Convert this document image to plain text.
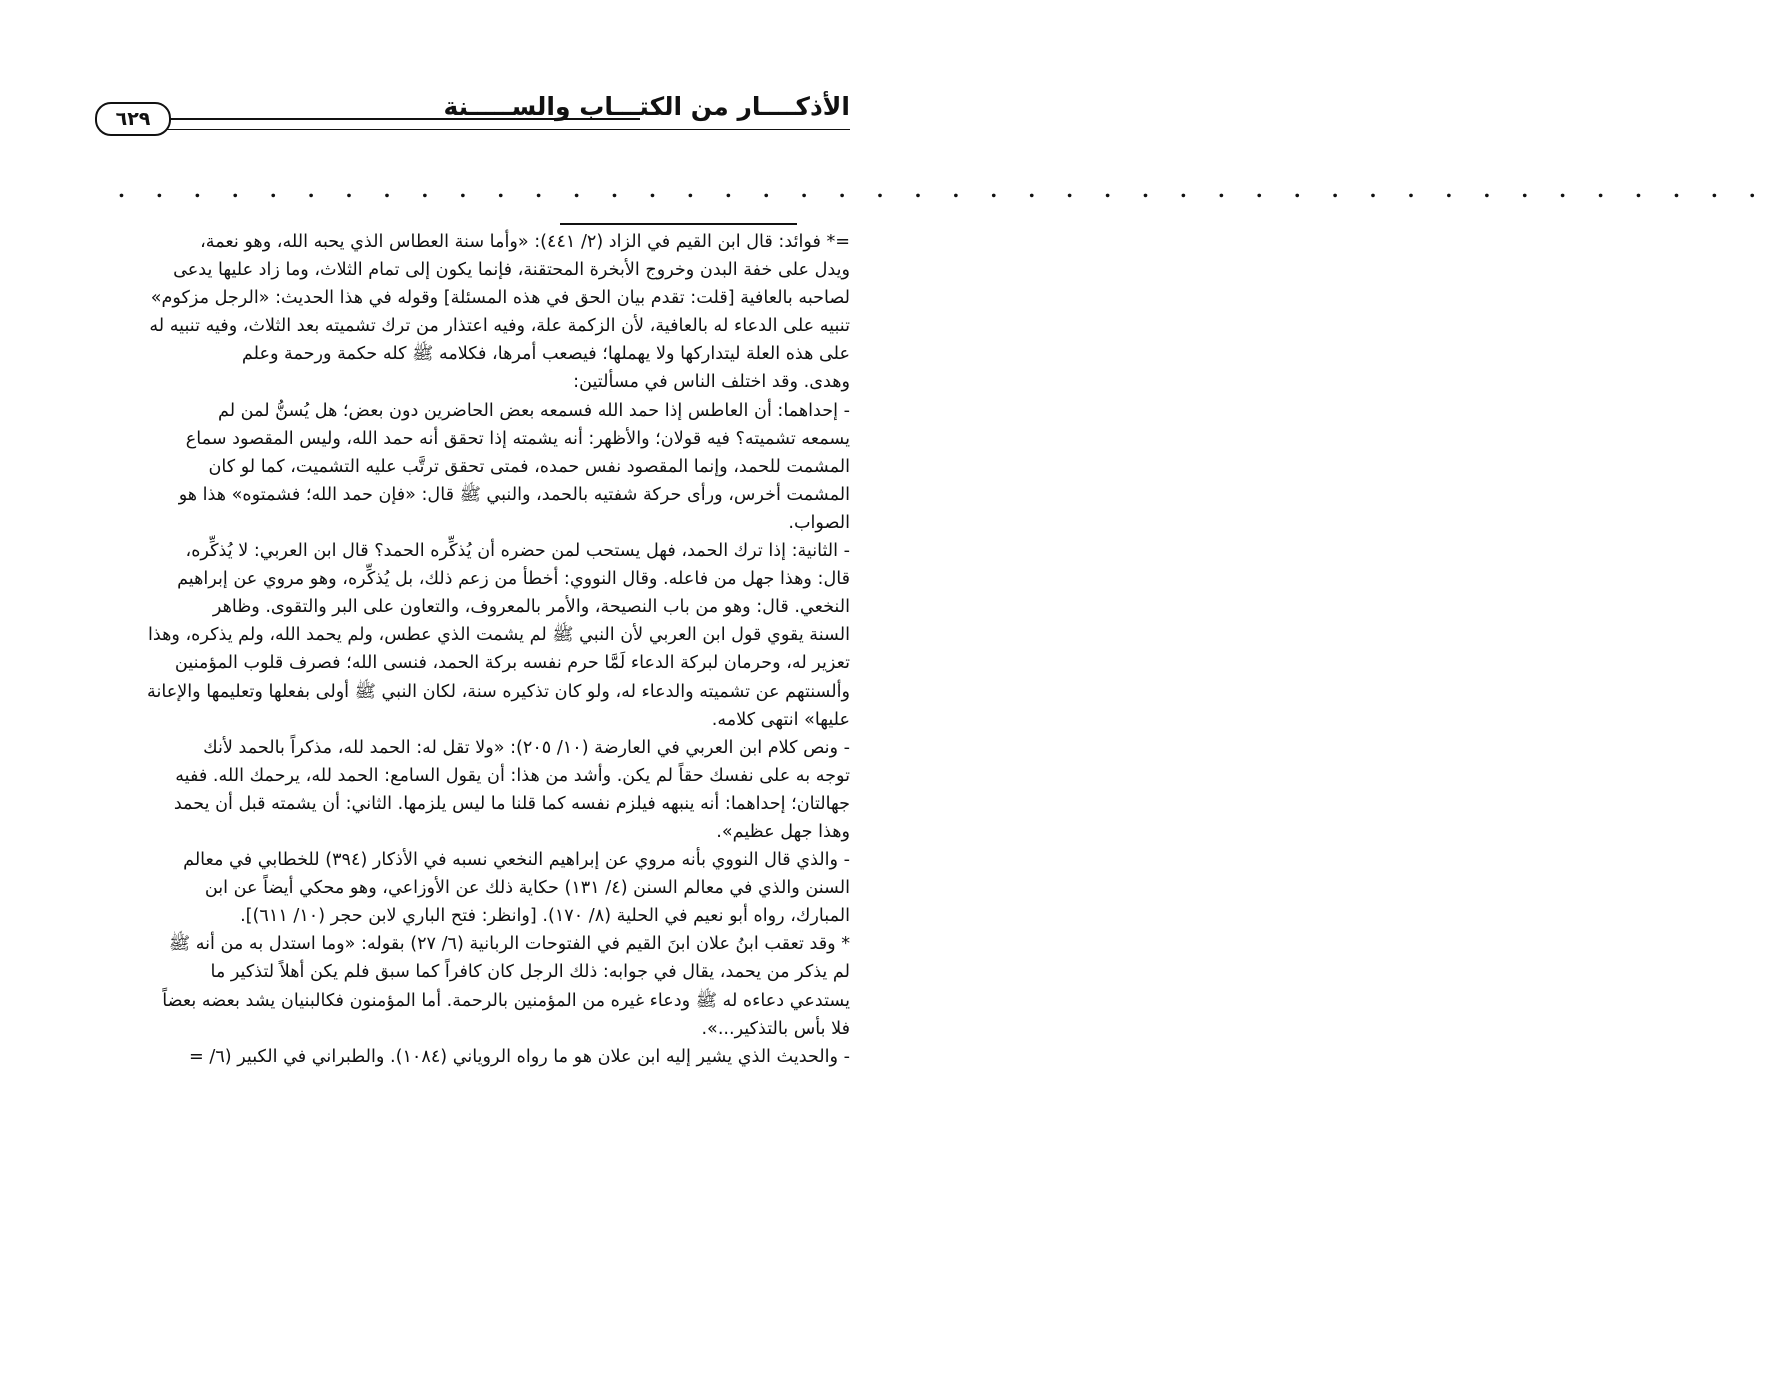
الأذكــــار من الكتـــاب والســـــنة
٦٢٩
. . . . . . . . . . . . . . . . . . . . . . . . . . . . . . . . . . . . . . . . . . . .
=* فوائد: قال ابن القيم في الزاد (٢/ ٤٤١): «وأما سنة العطاس الذي يحبه الله، وهو نعمة،
ويدل على خفة البدن وخروج الأبخرة المحتقنة، فإنما يكون إلى تمام الثلاث، وما زاد عليها يدعى
لصاحبه بالعافية [قلت: تقدم بيان الحق في هذه المسئلة] وقوله في هذا الحديث: «الرجل مزكوم»
تنبيه على الدعاء له بالعافية، لأن الزكمة علة، وفيه اعتذار من ترك تشميته بعد الثلاث، وفيه تنبيه له
على هذه العلة ليتداركها ولا يهملها؛ فيصعب أمرها، فكلامه ﷺ كله حكمة ورحمة وعلم
وهدى. وقد اختلف الناس في مسألتين:
- إحداهما: أن العاطس إذا حمد الله فسمعه بعض الحاضرين دون بعض؛ هل يُسنُّ لمن لم
يسمعه تشميته؟ فيه قولان؛ والأظهر: أنه يشمته إذا تحقق أنه حمد الله، وليس المقصود سماع
المشمت للحمد، وإنما المقصود نفس حمده، فمتى تحقق ترتَّب عليه التشميت، كما لو كان
المشمت أخرس، ورأى حركة شفتيه بالحمد، والنبي ﷺ قال: «فإن حمد الله؛ فشمتوه» هذا هو
الصواب.
- الثانية: إذا ترك الحمد، فهل يستحب لمن حضره أن يُذكِّره الحمد؟ قال ابن العربي: لا يُذكِّره،
قال: وهذا جهل من فاعله. وقال النووي: أخطأ من زعم ذلك، بل يُذكِّره، وهو مروي عن إبراهيم
النخعي. قال: وهو من باب النصيحة، والأمر بالمعروف، والتعاون على البر والتقوى. وظاهر
السنة يقوي قول ابن العربي لأن النبي ﷺ لم يشمت الذي عطس، ولم يحمد الله، ولم يذكره، وهذا
تعزير له، وحرمان لبركة الدعاء لَمَّا حرم نفسه بركة الحمد، فنسى الله؛ فصرف قلوب المؤمنين
وألسنتهم عن تشميته والدعاء له، ولو كان تذكيره سنة، لكان النبي ﷺ أولى بفعلها وتعليمها والإعانة
عليها» انتهى كلامه.
- ونص كلام ابن العربي في العارضة (١٠/ ٢٠٥): «ولا تقل له: الحمد لله، مذكراً بالحمد لأنك
توجه به على نفسك حقاً لم يكن. وأشد من هذا: أن يقول السامع: الحمد لله، يرحمك الله. ففيه
جهالتان؛ إحداهما: أنه ينبهه فيلزم نفسه كما قلنا ما ليس يلزمها. الثاني: أن يشمته قبل أن يحمد
وهذا جهل عظيم».
- والذي قال النووي بأنه مروي عن إبراهيم النخعي نسبه في الأذكار (٣٩٤) للخطابي في معالم
السنن والذي في معالم السنن (٤/ ١٣١) حكاية ذلك عن الأوزاعي، وهو محكي أيضاً عن ابن
المبارك، رواه أبو نعيم في الحلية (٨/ ١٧٠). [وانظر: فتح الباري لابن حجر (١٠/ ٦١١)].
* وقد تعقب ابنُ علان ابنَ القيم في الفتوحات الربانية (٦/ ٢٧) بقوله: «وما استدل به من أنه ﷺ
لم يذكر من يحمد، يقال في جوابه: ذلك الرجل كان كافراً كما سبق فلم يكن أهلاً لتذكير ما
يستدعي دعاءه له ﷺ ودعاء غيره من المؤمنين بالرحمة. أما المؤمنون فكالبنيان يشد بعضه بعضاً
فلا بأس بالتذكير...».
- والحديث الذي يشير إليه ابن علان هو ما رواه الروياني (١٠٨٤). والطبراني في الكبير (٦/ =
